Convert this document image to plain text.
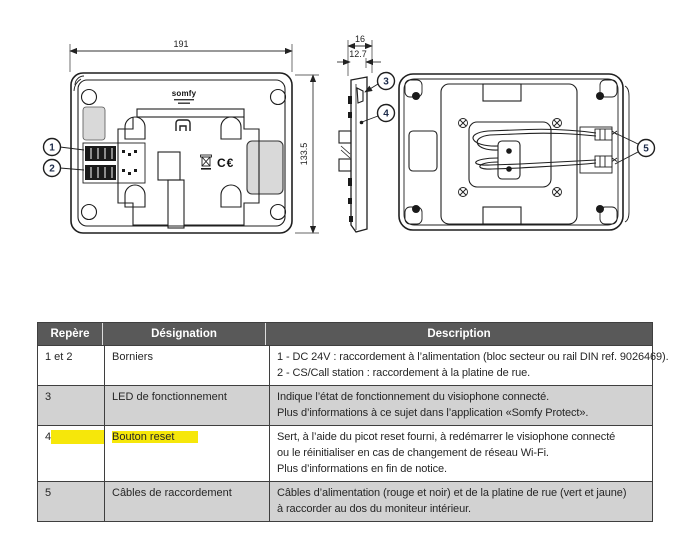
191
1
2
somfy
C€	133.5
16
12.7
3
4
5
Repère	Désignation	Description
1 et 2	Borniers	1 - DC 24V : raccordement à l’alimentation (bloc secteur ou rail DIN ref. 9026469).
2 - CS/Call station : raccordement à la platine de rue.
3	LED de fonctionnement	Indique l’état de fonctionnement du visiophone connecté.
Plus d’informations à ce sujet dans l’application «Somfy Protect».
4	Bouton reset	Sert, à l’aide du picot reset fourni, à redémarrer le visiophone connecté
ou le réinitialiser en cas de changement de réseau Wi-Fi.
Plus d’informations en fin de notice.
5	Câbles de raccordement	Câbles d’alimentation (rouge et noir) et de la platine de rue (vert et jaune)
à raccorder au dos du moniteur intérieur.
